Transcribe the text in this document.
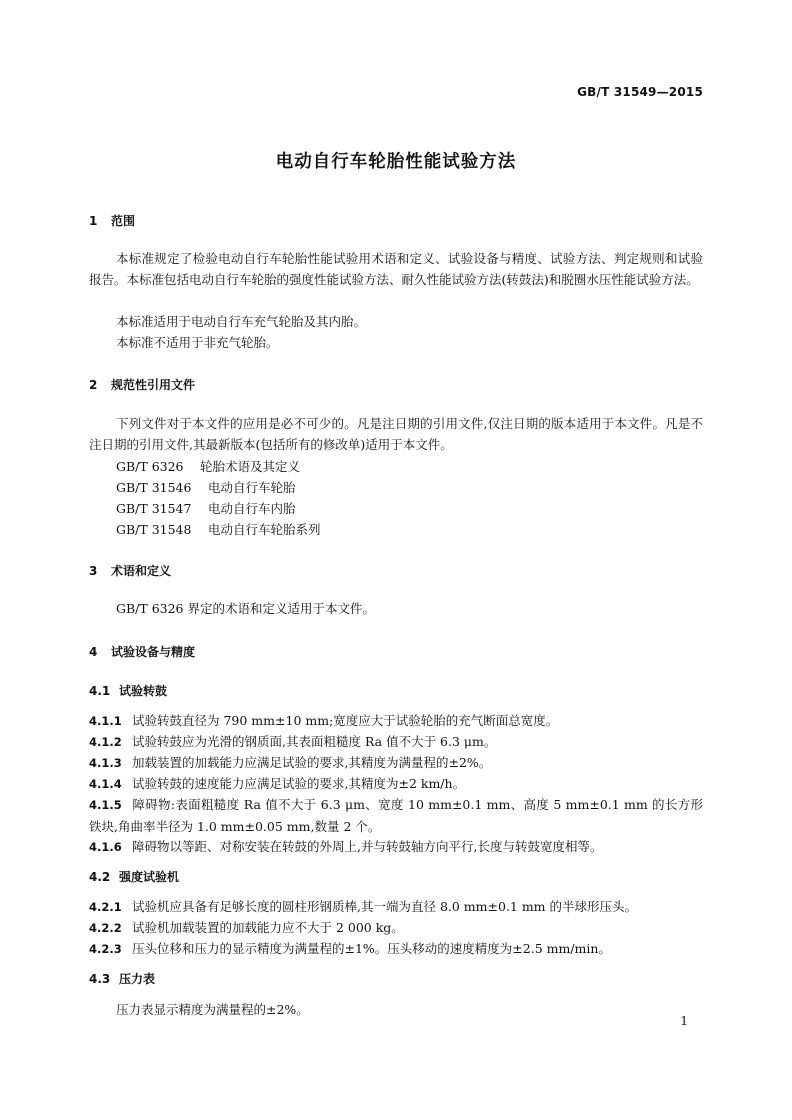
GB/T 31549—2015
电动自行车轮胎性能试验方法
1 范围
本标准规定了检验电动自行车轮胎性能试验用术语和定义、试验设备与精度、试验方法、判定规则和试验报告。本标准包括电动自行车轮胎的强度性能试验方法、耐久性能试验方法(转鼓法)和脱圈水压性能试验方法。
本标准适用于电动自行车充气轮胎及其内胎。
本标准不适用于非充气轮胎。
2 规范性引用文件
下列文件对于本文件的应用是必不可少的。凡是注日期的引用文件,仅注日期的版本适用于本文件。凡是不注日期的引用文件,其最新版本(包括所有的修改单)适用于本文件。
GB/T 6326 轮胎术语及其定义
GB/T 31546 电动自行车轮胎
GB/T 31547 电动自行车内胎
GB/T 31548 电动自行车轮胎系列
3 术语和定义
GB/T 6326 界定的术语和定义适用于本文件。
4 试验设备与精度
4.1 试验转鼓
4.1.1 试验转鼓直径为 790 mm±10 mm;宽度应大于试验轮胎的充气断面总宽度。
4.1.2 试验转鼓应为光滑的钢质面,其表面粗糙度 Ra 值不大于 6.3 μm。
4.1.3 加载装置的加载能力应满足试验的要求,其精度为满量程的±2%。
4.1.4 试验转鼓的速度能力应满足试验的要求,其精度为±2 km/h。
4.1.5 障碍物:表面粗糙度 Ra 值不大于 6.3 μm、宽度 10 mm±0.1 mm、高度 5 mm±0.1 mm 的长方形铁块,角曲率半径为 1.0 mm±0.05 mm,数量 2 个。
4.1.6 障碍物以等距、对称安装在转鼓的外周上,并与转鼓轴方向平行,长度与转鼓宽度相等。
4.2 强度试验机
4.2.1 试验机应具备有足够长度的圆柱形钢质棒,其一端为直径 8.0 mm±0.1 mm 的半球形压头。
4.2.2 试验机加载装置的加载能力应不大于 2 000 kg。
4.2.3 压头位移和压力的显示精度为满量程的±1%。压头移动的速度精度为±2.5 mm/min。
4.3 压力表
压力表显示精度为满量程的±2%。
1
